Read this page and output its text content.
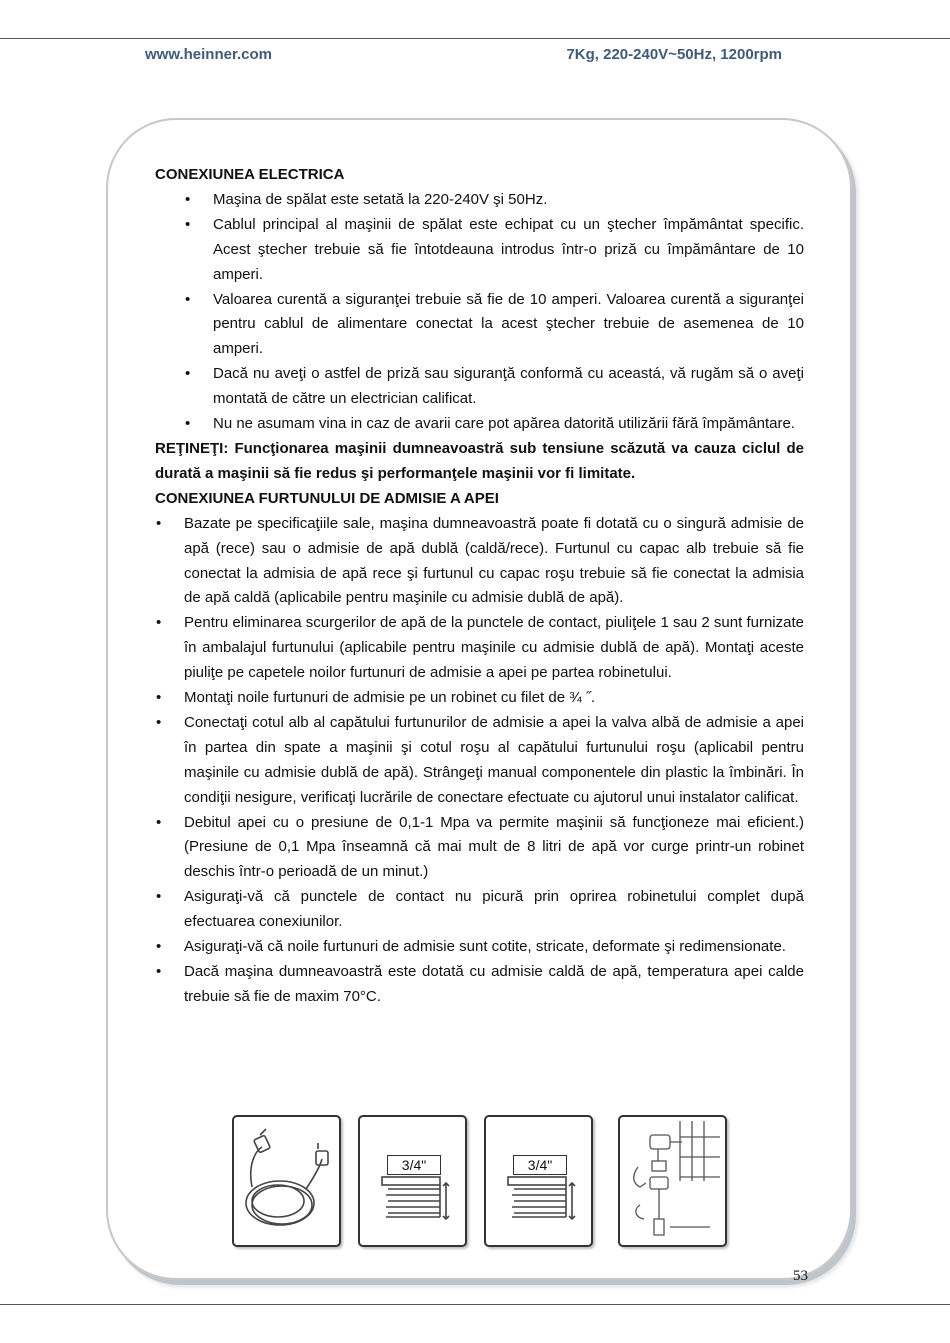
www.heinner.com	7Kg, 220-240V~50Hz, 1200rpm

CONEXIUNEA ELECTRICA

• Maşina de spălat este setată la 220-240V şi 50Hz.
• Cablul principal al maşinii de spălat este echipat cu un ştecher împământat specific. Acest ştecher trebuie să fie întotdeauna introdus într-o priză cu împământare de 10 amperi.
• Valoarea curentă a siguranţei trebuie să fie de 10 amperi. Valoarea curentă a siguranţei pentru cablul de alimentare conectat la acest ştecher trebuie de asemenea de 10 amperi.
• Dacă nu aveţi o astfel de priză sau siguranţă conformă cu aceastá, vă rugăm să o aveţi montată de către un electrician calificat.
• Nu ne asumam vina in caz de avarii care pot apărea datorită utilizării fără împământare.

REŢINEŢI: Funcţionarea maşinii dumneavoastră sub tensiune scăzută va cauza ciclul de durată a maşinii să fie redus şi performanţele maşinii vor fi limitate.

CONEXIUNEA FURTUNULUI DE ADMISIE A APEI

• Bazate pe specificaţiile sale, maşina dumneavoastră poate fi dotată cu o singură admisie de apă (rece) sau o admisie de apă dublă (caldă/rece). Furtunul cu capac alb trebuie să fie conectat la admisia de apă rece şi furtunul cu capac roşu trebuie să fie conectat la admisia de apă caldă (aplicabile pentru maşinile cu admisie dublă de apă).
• Pentru eliminarea scurgerilor de apă de la punctele de contact, piuliţele 1 sau 2 sunt furnizate în ambalajul furtunului (aplicabile pentru maşinile cu admisie dublă de apă). Montaţi aceste piuliţe pe capetele noilor furtunuri de admisie a apei pe partea robinetului.
• Montaţi noile furtunuri de admisie pe un robinet cu filet de ¾ ˝.
• Conectaţi cotul alb al capătului furtunurilor de admisie a apei la valva albă de admisie a apei în partea din spate a maşinii şi cotul roşu al capătului furtunului roşu (aplicabil pentru maşinile cu admisie dublă de apă). Strângeţi manual componentele din plastic la îmbinări. În condiţii nesigure, verificaţi lucrările de conectare efectuate cu ajutorul unui instalator calificat.
• Debitul apei cu o presiune de 0,1-1 Mpa va permite maşinii să funcţioneze mai eficient.) (Presiune de 0,1 Mpa înseamnă că mai mult de 8 litri de apă vor curge printr-un robinet deschis într-o perioadă de un minut.)
• Asiguraţi-vă că punctele de contact nu picură prin oprirea robinetului complet după efectuarea conexiunilor.
• Asiguraţi-vă că noile furtunuri de admisie sunt cotite, stricate, deformate şi redimensionate.
• Dacă maşina dumneavoastră este dotată cu admisie caldă de apă, temperatura apei calde trebuie să fie de maxim 70°C.
3/4"	3/4"
53
